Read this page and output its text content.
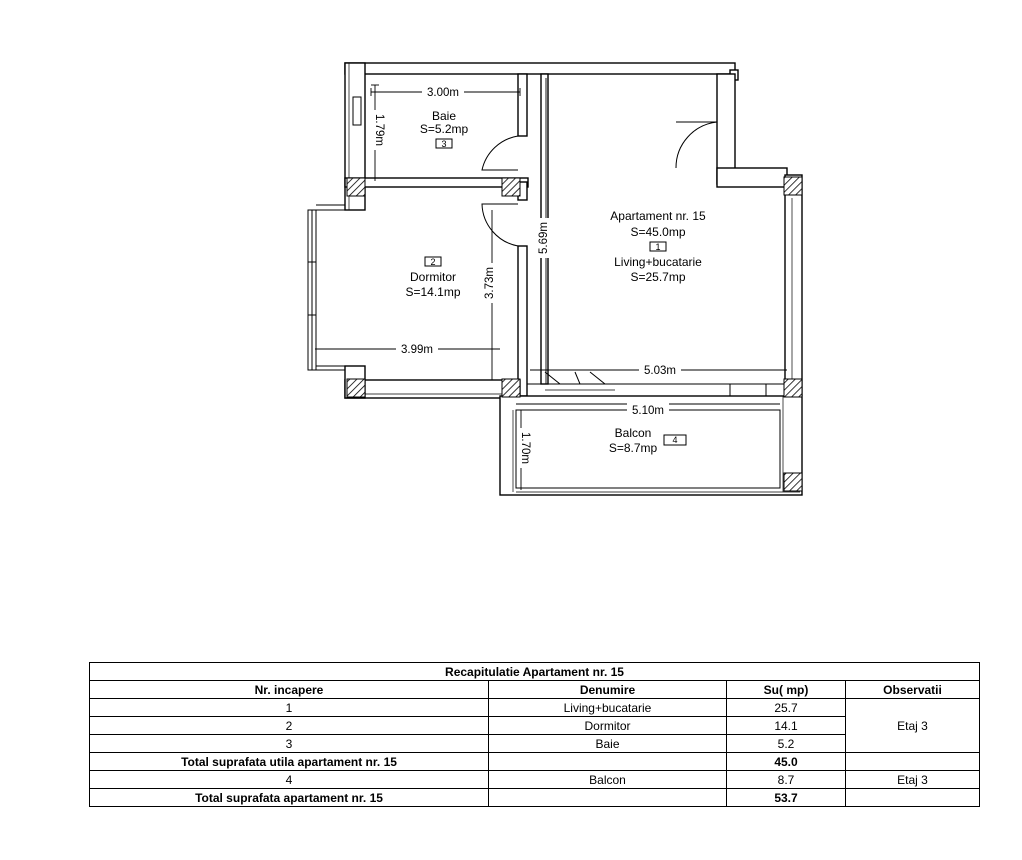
3.00m
1.79m
5.69m
3.73m
3.99m
5.03m
5.10m
1.70m
Baie
S=5.2mp
3
2
Dormitor
S=14.1mp
Apartament nr. 15
S=45.0mp
1
Living+bucatarie
S=25.7mp
Balcon
S=8.7mp
4
Recapitulatie Apartament nr. 15			
Nr. incapere	Denumire	Su( mp)	Observatii
1	Living+bucatarie	25.7	Etaj 3
2	Dormitor	14.1	
3	Baie	5.2	
Total suprafata utila apartament nr. 15		45.0	
4	Balcon	8.7	Etaj 3
Total suprafata apartament nr. 15		53.7	
